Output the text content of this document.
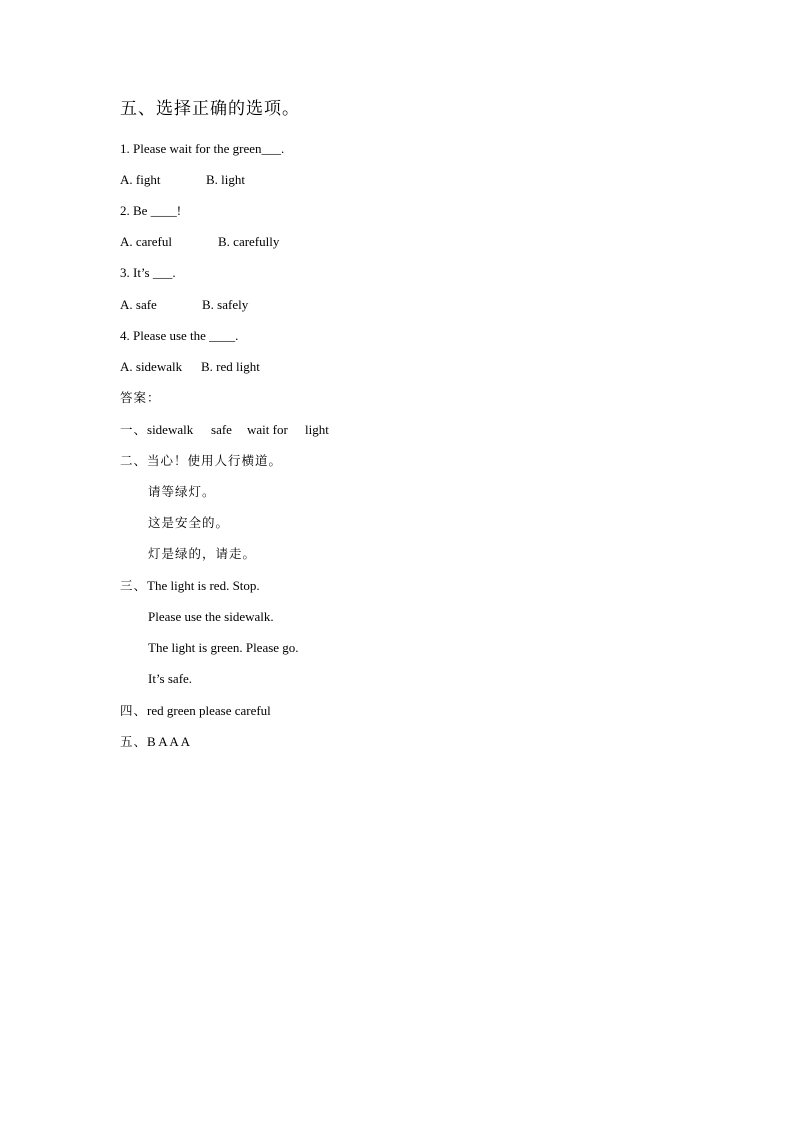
五、选择正确的选项。
1. Please wait for the green___.
A. fight	B. light
2. Be ____!
A. careful	B. carefully
3. It’s ___.
A. safe	B. safely
4. Please use the ____.
A. sidewalk B. red light
答案：
一、sidewalk safe wait for light
二、当心！使用人行横道。
请等绿灯。
这是安全的。
灯是绿的，请走。
三、The light is red. Stop.
Please use the sidewalk.
The light is green. Please go.
It’s safe.
四、red green please careful
五、B A A A
